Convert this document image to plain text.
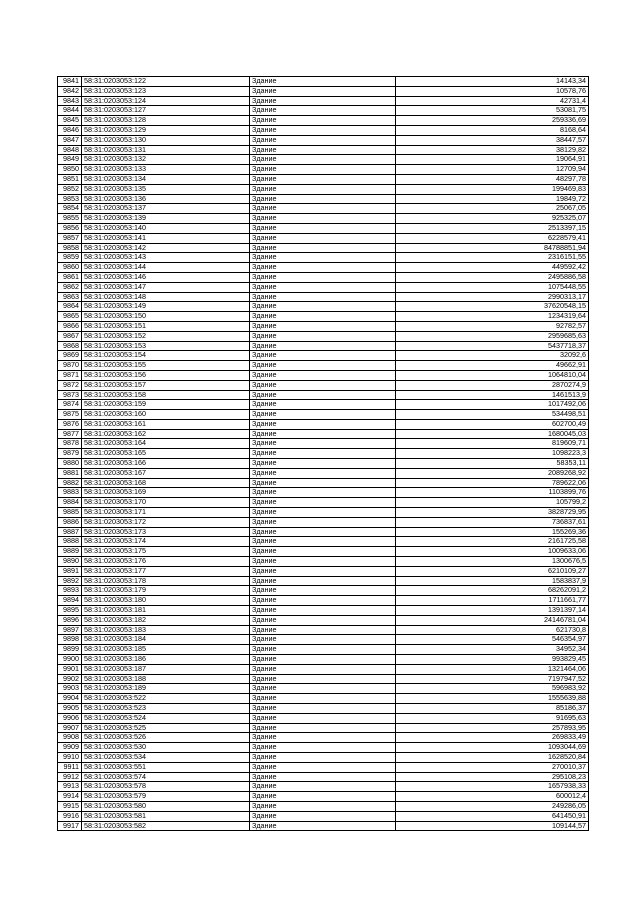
9841	58:31:0203053:122	Здание	14143,34
9842	58:31:0203053:123	Здание	10578,76
9843	58:31:0203053:124	Здание	42731,4
9844	58:31:0203053:127	Здание	53081,75
9845	58:31:0203053:128	Здание	259336,69
9846	58:31:0203053:129	Здание	8168,64
9847	58:31:0203053:130	Здание	38447,57
9848	58:31:0203053:131	Здание	38129,82
9849	58:31:0203053:132	Здание	19064,91
9850	58:31:0203053:133	Здание	12709,94
9851	58:31:0203053:134	Здание	48297,78
9852	58:31:0203053:135	Здание	199469,83
9853	58:31:0203053:136	Здание	19849,72
9854	58:31:0203053:137	Здание	25067,05
9855	58:31:0203053:139	Здание	925325,07
9856	58:31:0203053:140	Здание	2513397,15
9857	58:31:0203053:141	Здание	6228579,41
9858	58:31:0203053:142	Здание	84788851,94
9859	58:31:0203053:143	Здание	2316151,55
9860	58:31:0203053:144	Здание	449592,42
9861	58:31:0203053:146	Здание	2495886,58
9862	58:31:0203053:147	Здание	1075448,55
9863	58:31:0203053:148	Здание	2990313,17
9864	58:31:0203053:149	Здание	37620548,15
9865	58:31:0203053:150	Здание	1234319,64
9866	58:31:0203053:151	Здание	92782,57
9867	58:31:0203053:152	Здание	2959685,63
9868	58:31:0203053:153	Здание	5437718,37
9869	58:31:0203053:154	Здание	32092,6
9870	58:31:0203053:155	Здание	49662,91
9871	58:31:0203053:156	Здание	1064810,04
9872	58:31:0203053:157	Здание	2870274,9
9873	58:31:0203053:158	Здание	1461513,9
9874	58:31:0203053:159	Здание	1017492,06
9875	58:31:0203053:160	Здание	534498,51
9876	58:31:0203053:161	Здание	602700,49
9877	58:31:0203053:162	Здание	1680045,03
9878	58:31:0203053:164	Здание	819609,71
9879	58:31:0203053:165	Здание	1098223,3
9880	58:31:0203053:166	Здание	58353,11
9881	58:31:0203053:167	Здание	2089268,92
9882	58:31:0203053:168	Здание	789622,06
9883	58:31:0203053:169	Здание	1103899,76
9884	58:31:0203053:170	Здание	105799,2
9885	58:31:0203053:171	Здание	3828729,95
9886	58:31:0203053:172	Здание	736837,61
9887	58:31:0203053:173	Здание	155269,36
9888	58:31:0203053:174	Здание	2161725,58
9889	58:31:0203053:175	Здание	1009633,06
9890	58:31:0203053:176	Здание	1300676,5
9891	58:31:0203053:177	Здание	6210109,27
9892	58:31:0203053:178	Здание	1583837,9
9893	58:31:0203053:179	Здание	68262091,2
9894	58:31:0203053:180	Здание	1711661,77
9895	58:31:0203053:181	Здание	1391397,14
9896	58:31:0203053:182	Здание	24146781,04
9897	58:31:0203053:183	Здание	621730,8
9898	58:31:0203053:184	Здание	546354,97
9899	58:31:0203053:185	Здание	34952,34
9900	58:31:0203053:186	Здание	993829,45
9901	58:31:0203053:187	Здание	1321464,06
9902	58:31:0203053:188	Здание	7197947,52
9903	58:31:0203053:189	Здание	596983,92
9904	58:31:0203053:522	Здание	1555639,88
9905	58:31:0203053:523	Здание	85186,37
9906	58:31:0203053:524	Здание	91695,63
9907	58:31:0203053:525	Здание	257893,95
9908	58:31:0203053:526	Здание	269833,49
9909	58:31:0203053:530	Здание	1093044,69
9910	58:31:0203053:534	Здание	1628520,84
9911	58:31:0203053:551	Здание	270010,37
9912	58:31:0203053:574	Здание	295108,23
9913	58:31:0203053:578	Здание	1657938,33
9914	58:31:0203053:579	Здание	600012,4
9915	58:31:0203053:580	Здание	249286,05
9916	58:31:0203053:581	Здание	641450,91
9917	58:31:0203053:582	Здание	109144,57
